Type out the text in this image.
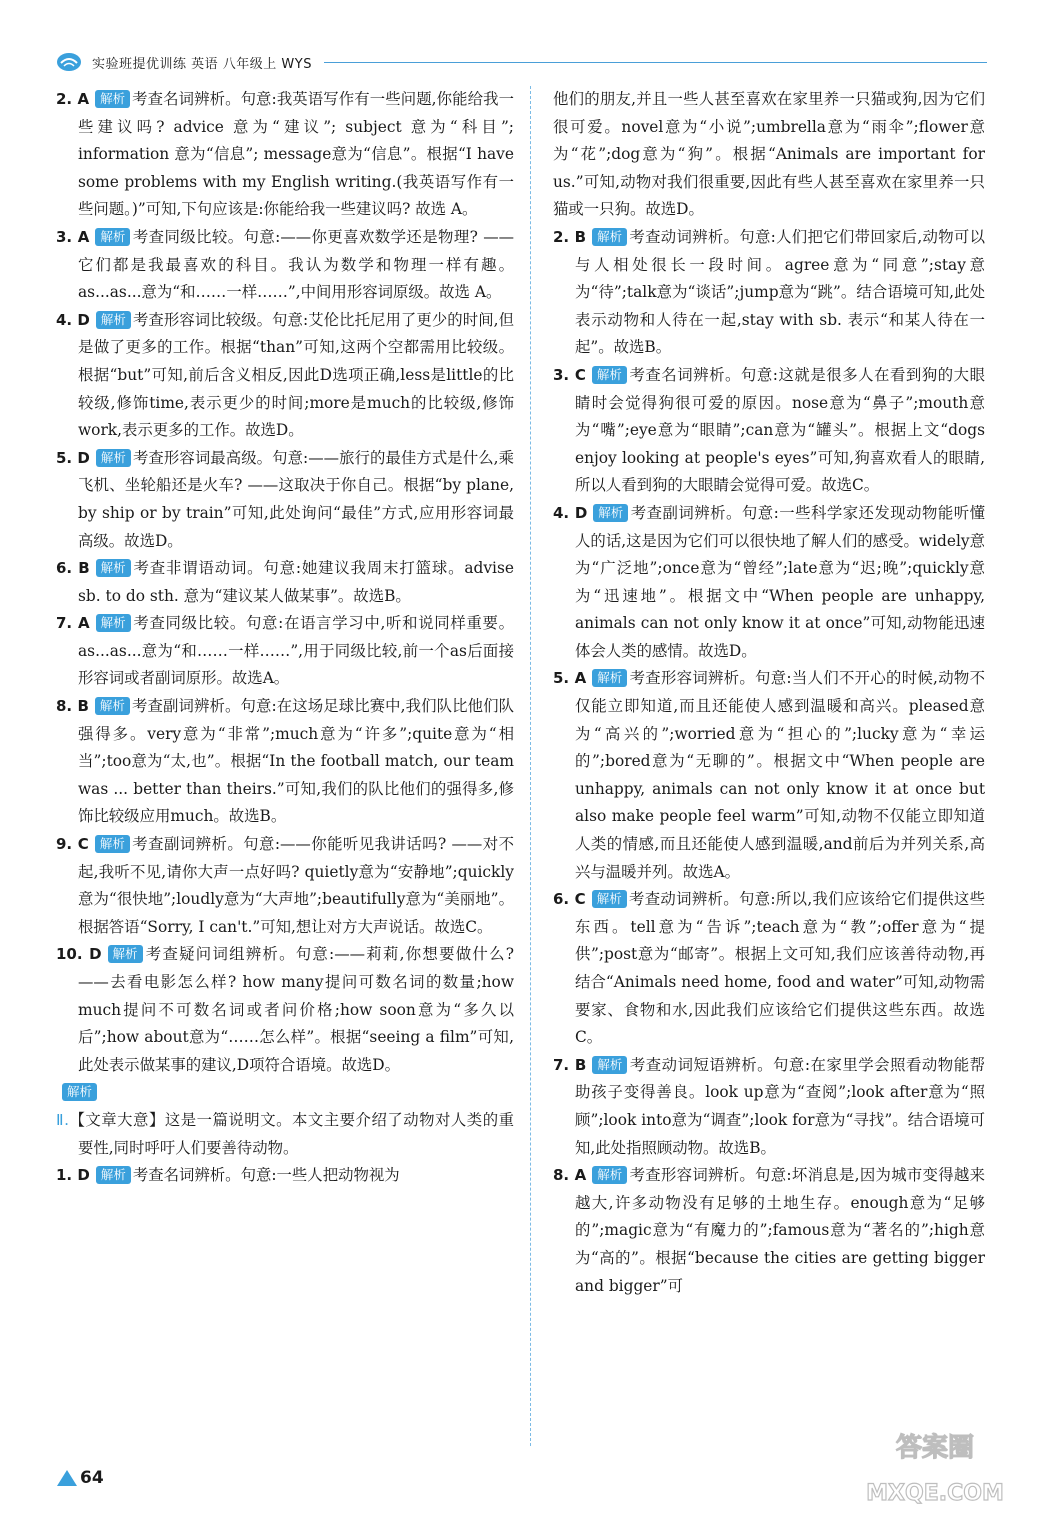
实验班提优训练 英语 八年级上 WYS

2. A 解析 考查名词辨析。句意:我英语写作有一些问题,你能给我一些建议吗? advice 意为“建议”; subject 意为“科目”; information 意为“信息”; message意为“信息”。根据“I have some problems with my English writing.(我英语写作有一些问题。)”可知,下句应该是:你能给我一些建议吗? 故选 A。

3. A 解析 考查同级比较。句意:——你更喜欢数学还是物理? ——它们都是我最喜欢的科目。我认为数学和物理一样有趣。as...as...意为“和……一样……”,中间用形容词原级。故选 A。

4. D 解析 考查形容词比较级。句意:艾伦比托尼用了更少的时间,但是做了更多的工作。根据“than”可知,这两个空都需用比较级。根据“but”可知,前后含义相反,因此D选项正确,less是little的比较级,修饰time,表示更少的时间;more是much的比较级,修饰work,表示更多的工作。故选D。

5. D 解析 考查形容词最高级。句意:——旅行的最佳方式是什么,乘飞机、坐轮船还是火车? ——这取决于你自己。根据“by plane, by ship or by train”可知,此处询问“最佳”方式,应用形容词最高级。故选D。

6. B 解析 考查非谓语动词。句意:她建议我周末打篮球。advise sb. to do sth. 意为“建议某人做某事”。故选B。

7. A 解析 考查同级比较。句意:在语言学习中,听和说同样重要。as...as...意为“和……一样……”,用于同级比较,前一个as后面接形容词或者副词原形。故选A。

8. B 解析 考查副词辨析。句意:在这场足球比赛中,我们队比他们队强得多。very意为“非常”;much意为“许多”;quite意为“相当”;too意为“太,也”。根据“In the football match, our team was ... better than theirs.”可知,我们的队比他们的强得多,修饰比较级应用much。故选B。

9. C 解析 考查副词辨析。句意:——你能听见我讲话吗? ——对不起,我听不见,请你大声一点好吗? quietly意为“安静地”;quickly意为“很快地”;loudly意为“大声地”;beautifully意为“美丽地”。根据答语“Sorry, I can't.”可知,想让对方大声说话。故选C。

10. D 解析 考查疑问词组辨析。句意:——莉莉,你想要做什么? ——去看电影怎么样? how many提问可数名词的数量;how much提问不可数名词或者问价格;how soon意为“多久以后”;how about意为“……怎么样”。根据“seeing a film”可知,此处表示做某事的建议,D项符合语境。故选D。

解析

Ⅱ.【文章大意】这是一篇说明文。本文主要介绍了动物对人类的重要性,同时呼吁人们要善待动物。

1. D 解析 考查名词辨析。句意:一些人把动物视为

他们的朋友,并且一些人甚至喜欢在家里养一只猫或狗,因为它们很可爱。novel意为“小说”;umbrella意为“雨伞”;flower意为“花”;dog意为“狗”。根据“Animals are important for us.”可知,动物对我们很重要,因此有些人甚至喜欢在家里养一只猫或一只狗。故选D。

2. B 解析 考查动词辨析。句意:人们把它们带回家后,动物可以与人相处很长一段时间。agree意为“同意”;stay意为“待”;talk意为“谈话”;jump意为“跳”。结合语境可知,此处表示动物和人待在一起,stay with sb. 表示“和某人待在一起”。故选B。

3. C 解析 考查名词辨析。句意:这就是很多人在看到狗的大眼睛时会觉得狗很可爱的原因。nose意为“鼻子”;mouth意为“嘴”;eye意为“眼睛”;can意为“罐头”。根据上文“dogs enjoy looking at people's eyes”可知,狗喜欢看人的眼睛,所以人看到狗的大眼睛会觉得可爱。故选C。

4. D 解析 考查副词辨析。句意:一些科学家还发现动物能听懂人的话,这是因为它们可以很快地了解人们的感受。widely意为“广泛地”;once意为“曾经”;late意为“迟;晚”;quickly意为“迅速地”。根据文中“When people are unhappy, animals can not only know it at once”可知,动物能迅速体会人类的感情。故选D。

5. A 解析 考查形容词辨析。句意:当人们不开心的时候,动物不仅能立即知道,而且还能使人感到温暖和高兴。pleased意为“高兴的”;worried意为“担心的”;lucky意为“幸运的”;bored意为“无聊的”。根据文中“When people are unhappy, animals can not only know it at once but also make people feel warm”可知,动物不仅能立即知道人类的情感,而且还能使人感到温暖,and前后为并列关系,高兴与温暖并列。故选A。

6. C 解析 考查动词辨析。句意:所以,我们应该给它们提供这些东西。tell意为“告诉”;teach意为“教”;offer意为“提供”;post意为“邮寄”。根据上文可知,我们应该善待动物,再结合“Animals need home, food and water”可知,动物需要家、食物和水,因此我们应该给它们提供这些东西。故选C。

7. B 解析 考查动词短语辨析。句意:在家里学会照看动物能帮助孩子变得善良。look up意为“查阅”;look after意为“照顾”;look into意为“调查”;look for意为“寻找”。结合语境可知,此处指照顾动物。故选B。

8. A 解析 考查形容词辨析。句意:坏消息是,因为城市变得越来越大,许多动物没有足够的土地生存。enough意为“足够的”;magic意为“有魔力的”;famous意为“著名的”;high意为“高的”。根据“because the cities are getting bigger and bigger”可

64
答案圈
MXQE.COM
